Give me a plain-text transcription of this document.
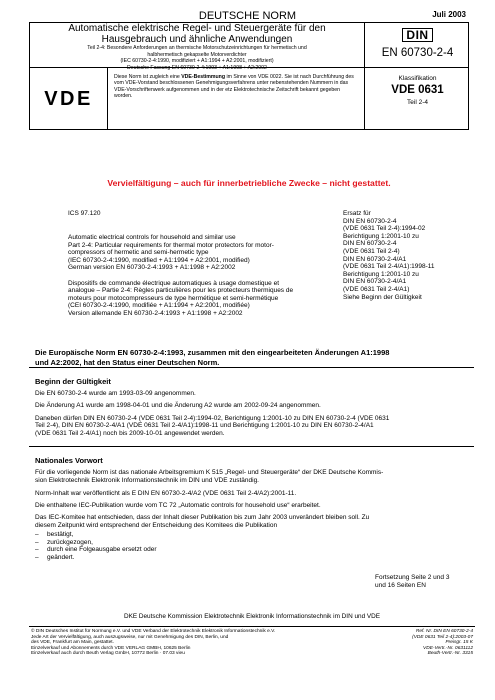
DEUTSCHE NORM	Juli 2003
Automatische elektrische Regel- und Steuergeräte für den
Hausgebrauch und ähnliche Anwendungen
Teil 2-4: Besondere Anforderungen an thermische Motorschutzeinrichtungen für hermetisch und
halbhermetisch gekapselte Motorverdichter
(IEC 60730-2-4:1990, modifiziert + A1:1994 + A2:2001, modifiziert)
Deutsche Fassung EN 60730-2-4:1993 + A1:1998 + A2:2002
DIN
EN 60730-2-4
VDE
Diese Norm ist zugleich eine VDE-Bestimmung im Sinne von VDE 0022. Sie ist nach Durchführung des vom VDE-Vorstand beschlossenen Genehmigungsverfahrens unter nebenstehenden Nummern in das VDE-Vorschriftenwerk aufgenommen und in der etz Elektrotechnische Zeitschrift bekannt gegeben worden.
Klassifikation
VDE 0631
Teil 2-4
Vervielfältigung – auch für innerbetriebliche Zwecke – nicht gestattet.
ICS 97.120
Automatic electrical controls for household and similar use
Part 2-4: Particular requirements for thermal motor protectors for motor-
compressors of hermetic and semi-hermetic type
(IEC 60730-2-4:1990, modified + A1:1994 + A2:2001, modified)
German version EN 60730-2-4:1993 + A1:1998 + A2:2002
Dispositifs de commande électrique automatiques à usage domestique et
analogue – Partie 2-4: Règles particulières pour les protecteurs thermiques de
moteurs pour motocompresseurs de type hermétique et semi-hermétique
(CEI 60730-2-4:1990, modifiée + A1:1994 + A2:2001, modifiée)
Version allemande EN 60730-2-4:1993 + A1:1998 + A2:2002
Ersatz für
DIN EN 60730-2-4
(VDE 0631 Teil 2-4):1994-02
Berichtigung 1:2001-10 zu
DIN EN 60730-2-4
(VDE 0631 Teil 2-4)
DIN EN 60730-2-4/A1
(VDE 0631 Teil 2-4/A1):1998-11
Berichtigung 1:2001-10 zu
DIN EN 60730-2-4/A1
(VDE 0631 Teil 2-4/A1)
Siehe Beginn der Gültigkeit
Die Europäische Norm EN 60730-2-4:1993, zusammen mit den eingearbeiteten Änderungen A1:1998
und A2:2002, hat den Status einer Deutschen Norm.
Beginn der Gültigkeit
Die EN 60730-2-4 wurde am 1993-03-09 angenommen.
Die Änderung A1 wurde am 1998-04-01 und die Änderung A2 wurde am 2002-09-24 angenommen.
Daneben dürfen DIN EN 60730-2-4 (VDE 0631 Teil 2-4):1994-02, Berichtigung 1:2001-10 zu DIN EN 60730-2-4 (VDE 0631
Teil 2-4), DIN EN 60730-2-4/A1 (VDE 0631 Teil 2-4/A1):1998-11 und Berichtigung 1:2001-10 zu DIN EN 60730-2-4/A1
(VDE 0631 Teil 2-4/A1) noch bis 2009-10-01 angewendet werden.
Nationales Vorwort
Für die vorliegende Norm ist das nationale Arbeitsgremium K 515 „Regel- und Steuergeräte“ der DKE Deutsche Kommis-
sion Elektrotechnik Elektronik Informationstechnik im DIN und VDE zuständig.
Norm-Inhalt war veröffentlicht als E DIN EN 60730-2-4/A2 (VDE 0631 Teil 2-4/A2):2001-11.
Die enthaltene IEC-Publikation wurde vom TC 72 „Automatic controls for household use“ erarbeitet.
Das IEC-Komitee hat entschieden, dass der Inhalt dieser Publikation bis zum Jahr 2003 unverändert bleiben soll. Zu
diesem Zeitpunkt wird entsprechend der Entscheidung des Komitees die Publikation
–	bestätigt,
–	zurückgezogen,
–	durch eine Folgeausgabe ersetzt oder
–	geändert.
Fortsetzung Seite 2 und 3
und 16 Seiten EN
DKE Deutsche Kommission Elektrotechnik Elektronik Informationstechnik im DIN und VDE
© DIN Deutsches Institut für Normung e.V. und VDE Verband der Elektrotechnik Elektronik Informationstechnik e.V.
Jede Art der Vervielfältigung, auch auszugsweise, nur mit Genehmigung des DIN, Berlin, und
des VDE, Frankfurt am Main, gestattet.
Einzelverkauf und Abonnements durch VDE VERLAG GMBH, 10625 Berlin
Einzelverkauf auch durch Beuth Verlag GmbH, 10772 Berlin · 07.03 vieu
Ref. Nr. DIN EN 60730-2-4
(VDE 0631 Teil 2-4):2003-07
Preisgr. 15 K
VDE-Vertr.-Nr. 0631112
Beuth-Vertr.-Nr. 3315
